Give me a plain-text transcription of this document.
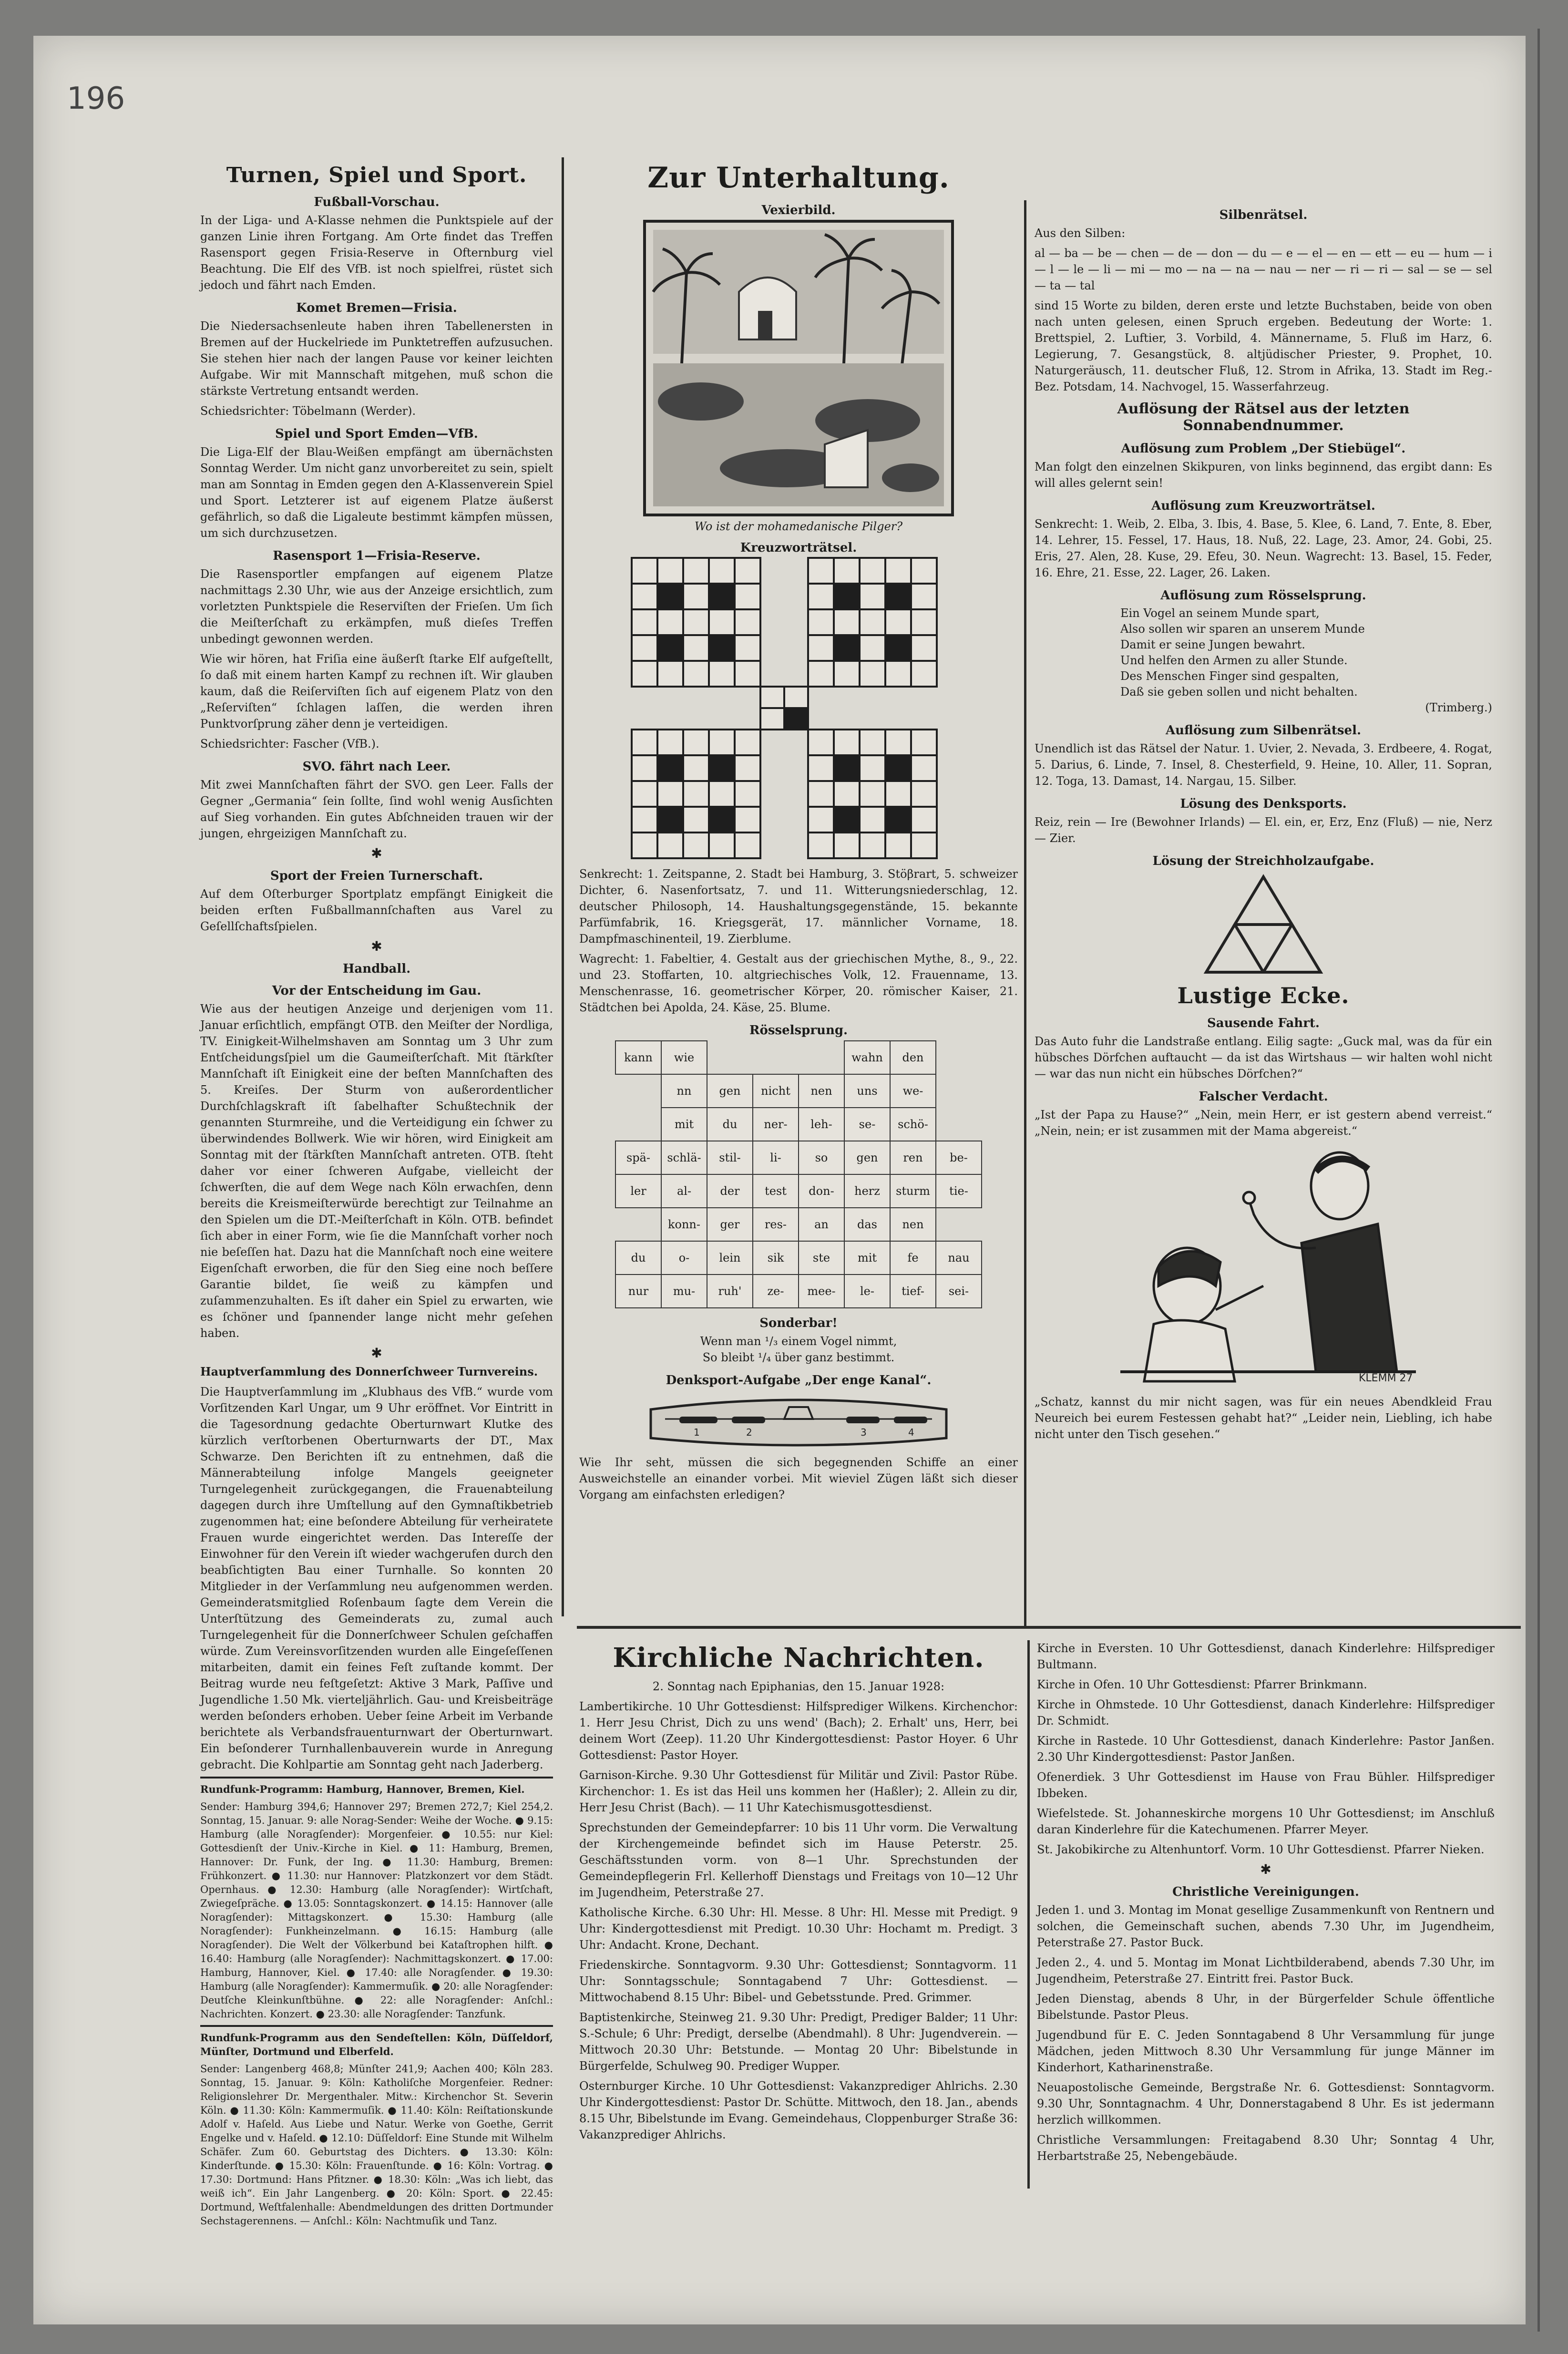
196
Turnen, Spiel und Sport.
Fußball-Vorschau.

In der Liga- und A-Klasse nehmen die Punktspiele auf der ganzen Linie ihren Fortgang. Am Orte findet das Treffen Rasensport gegen Frisia-Reserve in Ofternburg viel Beachtung. Die Elf des VfB. ist noch spielfrei, rüstet sich jedoch und fährt nach Emden.

Komet Bremen—Frisia.

Die Niedersachsenleute haben ihren Tabellenersten in Bremen auf der Huckelriede im Punktetreffen aufzusuchen. Sie stehen hier nach der langen Pause vor keiner leichten Aufgabe. Wir mit Mannschaft mitgehen, muß schon die stärkste Vertretung entsandt werden.

Schiedsrichter: Töbelmann (Werder).

Spiel und Sport Emden—VfB.

Die Liga-Elf der Blau-Weißen empfängt am übernächsten Sonntag Werder. Um nicht ganz unvorbereitet zu sein, spielt man am Sonntag in Emden gegen den A-Klassenverein Spiel und Sport. Letzterer ist auf eigenem Platze äußerst gefährlich, so daß die Ligaleute bestimmt kämpfen müssen, um sich durchzusetzen.

Rasensport 1—Frisia-Reserve.

Die Rasensportler empfangen auf eigenem Platze nachmittags 2.30 Uhr, wie aus der Anzeige ersichtlich, zum vorletzten Punktspiele die Reserviſten der Frieſen. Um ſich die Meiſterſchaft zu erkämpfen, muß dieſes Treffen unbedingt gewonnen werden.

Wie wir hören, hat Friſia eine äußerſt ſtarke Elf aufgeſtellt, ſo daß mit einem harten Kampf zu rechnen iſt. Wir glauben kaum, daß die Reiſerviſten ſich auf eigenem Platz von den „Reſerviſten“ ſchlagen laſſen, die werden ihren Punktvorſprung zäher denn je verteidigen.

Schiedsrichter: Fascher (VfB.).

SVO. fährt nach Leer.

Mit zwei Mannſchaften fährt der SVO. gen Leer. Falls der Gegner „Germania“ ſein ſollte, ſind wohl wenig Ausſichten auf Sieg vorhanden. Ein gutes Abſchneiden trauen wir der jungen, ehrgeizigen Mannſchaft zu.

✱
Sport der Freien Turnerschaft.

Auf dem Oſterburger Sportplatz empfängt Einigkeit die beiden erſten Fußballmannſchaften aus Varel zu Geſellſchaftsſpielen.

✱
Handball.
Vor der Entscheidung im Gau.

Wie aus der heutigen Anzeige und derjenigen vom 11. Januar erſichtlich, empfängt OTB. den Meiſter der Nordliga, TV. Einigkeit-Wilhelmshaven am Sonntag um 3 Uhr zum Entſcheidungsſpiel um die Gaumeiſterſchaft. Mit ſtärkſter Mannſchaft iſt Einigkeit eine der beſten Mannſchaften des 5. Kreiſes. Der Sturm von außerordentlicher Durchſchlagskraft iſt ſabelhafter Schußtechnik der genannten Sturmreihe, und die Verteidigung ein ſchwer zu überwindendes Bollwerk. Wie wir hören, wird Einigkeit am Sonntag mit der ſtärkſten Mannſchaft antreten. OTB. ſteht daher vor einer ſchweren Aufgabe, vielleicht der ſchwerſten, die auf dem Wege nach Köln erwachſen, denn bereits die Kreismeiſterwürde berechtigt zur Teilnahme an den Spielen um die DT.-Meiſterſchaft in Köln. OTB. befindet ſich aber in einer Form, wie ſie die Mannſchaft vorher noch nie beſeſſen hat. Dazu hat die Mannſchaft noch eine weitere Eigenſchaft erworben, die für den Sieg eine noch beſſere Garantie bildet, ſie weiß zu kämpfen und zuſammenzuhalten. Es iſt daher ein Spiel zu erwarten, wie es ſchöner und ſpannender lange nicht mehr geſehen haben.

✱

Hauptverſammlung des Donnerſchweer Turnvereins.

Die Hauptverſammlung im „Klubhaus des VfB.“ wurde vom Vorſitzenden Karl Ungar, um 9 Uhr eröffnet. Vor Eintritt in die Tagesordnung gedachte Oberturnwart Klutke des kürzlich verſtorbenen Oberturnwarts der DT., Max Schwarze. Den Berichten iſt zu entnehmen, daß die Männerabteilung infolge Mangels geeigneter Turngelegenheit zurückgegangen, die Frauenabteilung dagegen durch ihre Umſtellung auf den Gymnaſtikbetrieb zugenommen hat; eine beſondere Abteilung für verheiratete Frauen wurde eingerichtet werden. Das Intereſſe der Einwohner für den Verein iſt wieder wachgerufen durch den beabſichtigten Bau einer Turnhalle. So konnten 20 Mitglieder in der Verſammlung neu aufgenommen werden. Gemeinderatsmitglied Roſenbaum ſagte dem Verein die Unterſtützung des Gemeinderats zu, zumal auch Turngelegenheit für die Donnerſchweer Schulen geſchaffen würde. Zum Vereinsvorſitzenden wurden alle Eingeſeſſenen mitarbeiten, damit ein feines Feſt zuſtande kommt. Der Beitrag wurde neu feſtgeſetzt: Aktive 3 Mark, Paſſive und Jugendliche 1.50 Mk. vierteljährlich. Gau- und Kreisbeiträge werden beſonders erhoben. Ueber ſeine Arbeit im Verbande berichtete als Verbandsfrauenturnwart der Oberturnwart. Ein beſonderer Turnhallenbauverein wurde in Anregung gebracht. Die Kohlpartie am Sonntag geht nach Jaderberg.

Rundfunk-Programm: Hamburg, Hannover, Bremen, Kiel.

Sender: Hamburg 394,6; Hannover 297; Bremen 272,7; Kiel 254,2. Sonntag, 15. Januar. 9: alle Norag-Sender: Weihe der Woche. ● 9.15: Hamburg (alle Noragſender): Morgenfeier. ● 10.55: nur Kiel: Gottesdienſt der Univ.-Kirche in Kiel. ● 11: Hamburg, Bremen, Hannover: Dr. Funk, der Ing. ● 11.30: Hamburg, Bremen: Frühkonzert. ● 11.30: nur Hannover: Platzkonzert vor dem Städt. Opernhaus. ● 12.30: Hamburg (alle Noragſender): Wirtſchaft, Zwiegeſpräche. ● 13.05: Sonntagskonzert. ● 14.15: Hannover (alle Noragſender): Mittagskonzert. ● 15.30: Hamburg (alle Noragſender): Funkheinzelmann. ● 16.15: Hamburg (alle Noragſender). Die Welt der Völkerbund bei Kataſtrophen hilft. ● 16.40: Hamburg (alle Noragſender): Nachmittagskonzert. ● 17.00: Hamburg, Hannover, Kiel. ● 17.40: alle Noragſender. ● 19.30: Hamburg (alle Noragſender): Kammermuſik. ● 20: alle Noragſender: Deutſche Kleinkunſtbühne. ● 22: alle Noragſender: Anſchl.: Nachrichten. Konzert. ● 23.30: alle Noragſender: Tanzfunk.

Rundfunk-Programm aus den Sendeſtellen: Köln, Düſſeldorf, Münſter, Dortmund und Elberfeld.

Sender: Langenberg 468,8; Münſter 241,9; Aachen 400; Köln 283. Sonntag, 15. Januar. 9: Köln: Katholiſche Morgenfeier. Redner: Religionslehrer Dr. Mergenthaler. Mitw.: Kirchenchor St. Severin Köln. ● 11.30: Köln: Kammermuſik. ● 11.40: Köln: Reiſtationskunde Adolf v. Haſeld. Aus Liebe und Natur. Werke von Goethe, Gerrit Engelke und v. Haſeld. ● 12.10: Düſſeldorf: Eine Stunde mit Wilhelm Schäfer. Zum 60. Geburtstag des Dichters. ● 13.30: Köln: Kinderſtunde. ● 15.30: Köln: Frauenſtunde. ● 16: Köln: Vortrag. ● 17.30: Dortmund: Hans Pfitzner. ● 18.30: Köln: „Was ich liebt, das weiß ich“. Ein Jahr Langenberg. ● 20: Köln: Sport. ● 22.45: Dortmund, Weſtfalenhalle: Abendmeldungen des dritten Dortmunder Sechstagerennens. — Anſchl.: Köln: Nachtmuſik und Tanz.

Zur Unterhaltung.
Vexierbild.
Wo ist der mohamedanische Pilger?
Kreuzworträtsel.

Senkrecht: 1. Zeitspanne, 2. Stadt bei Hamburg, 3. Stöβrart, 5. schweizer Dichter, 6. Nasenfortsatz, 7. und 11. Witterungsniederschlag, 12. deutscher Philosoph, 14. Haushaltungsgegenstände, 15. bekannte Parfümfabrik, 16. Kriegsgerät, 17. männlicher Vorname, 18. Dampfmaschinenteil, 19. Zierblume.

Wagrecht: 1. Fabeltier, 4. Gestalt aus der griechischen Mythe, 8., 9., 22. und 23. Stoffarten, 10. altgriechisches Volk, 12. Frauenname, 13. Menschenrasse, 16. geometrischer Körper, 20. römischer Kaiser, 21. Städtchen bei Apolda, 24. Käse, 25. Blume.

Rösselsprung.
kann	wie				wahn	den	
	nn	gen	nicht	nen	uns	we-	
	mit	du	ner-	leh-	se-	schö-	
spä-	schlä-	stil-	li-	so	gen	ren	be-
ler	al-	der	test	don-	herz	sturm	tie-
	konn-	ger	res-	an	das	nen	
du	o-	lein	sik	ste	mit	fe	nau
nur	mu-	ruh'	ze-	mee-	le-	tief-	sei-
Sonderbar!
Wenn man ¹/₃ einem Vogel nimmt,
So bleibt ¹/₄ über ganz bestimmt.
Denksport-Aufgabe „Der enge Kanal“.
1	2	3	4

Wie Ihr seht, müssen die sich begegnenden Schiffe an einer Ausweichstelle an einander vorbei. Mit wieviel Zügen läßt sich dieser Vorgang am einfachsten erledigen?

Silbenrätsel.

Aus den Silben:

al — ba — be — chen — de — don — du — e — el — en — ett — eu — hum — i — l — le — li — mi — mo — na — na — nau — ner — ri — ri — sal — se — sel — ta — tal

sind 15 Worte zu bilden, deren erste und letzte Buchstaben, beide von oben nach unten gelesen, einen Spruch ergeben. Bedeutung der Worte: 1. Brettspiel, 2. Luftier, 3. Vorbild, 4. Männername, 5. Fluß im Harz, 6. Legierung, 7. Gesangstück, 8. altjüdischer Priester, 9. Prophet, 10. Naturgeräusch, 11. deutscher Fluß, 12. Strom in Afrika, 13. Stadt im Reg.-Bez. Potsdam, 14. Nachvogel, 15. Wasserfahrzeug.

Auflösung der Rätsel aus der letzten Sonnabendnummer.
Auflösung zum Problem „Der Stiebügel“.

Man folgt den einzelnen Skikpuren, von links beginnend, das ergibt dann: Es will alles gelernt sein!

Auflösung zum Kreuzworträtsel.

Senkrecht: 1. Weib, 2. Elba, 3. Ibis, 4. Base, 5. Klee, 6. Land, 7. Ente, 8. Eber, 14. Lehrer, 15. Fessel, 17. Haus, 18. Nuß, 22. Lage, 23. Amor, 24. Gobi, 25. Eris, 27. Alen, 28. Kuse, 29. Efeu, 30. Neun. Wagrecht: 13. Basel, 15. Feder, 16. Ehre, 21. Esse, 22. Lager, 26. Laken.

Auflösung zum Rösselsprung.
Ein Vogel an seinem Munde spart,
Also sollen wir sparen an unserem Munde
Damit er seine Jungen bewahrt.
Und helfen den Armen zu aller Stunde.
Des Menschen Finger sind gespalten,
Daß sie geben sollen und nicht behalten.
(Trimberg.)
Auflösung zum Silbenrätsel.

Unendlich ist das Rätsel der Natur. 1. Uvier, 2. Nevada, 3. Erdbeere, 4. Rogat, 5. Darius, 6. Linde, 7. Insel, 8. Chesterfield, 9. Heine, 10. Aller, 11. Sopran, 12. Toga, 13. Damast, 14. Nargau, 15. Silber.

Lösung des Denksports.

Reiz, rein — Ire (Bewohner Irlands) — El. ein, er, Erz, Enz (Fluß) — nie, Nerz — Zier.

Lösung der Streichholzaufgabe.
Lustige Ecke.
Sausende Fahrt.

Das Auto fuhr die Landstraße entlang. Eilig sagte: „Guck mal, was da für ein hübsches Dörfchen auftaucht — da ist das Wirtshaus — wir halten wohl nicht — war das nun nicht ein hübsches Dörfchen?“

Falscher Verdacht.

„Ist der Papa zu Hause?“ „Nein, mein Herr, er ist gestern abend verreist.“ „Nein, nein; er ist zusammen mit der Mama abgereist.“

KLEMM 27

„Schatz, kannst du mir nicht sagen, was für ein neues Abendkleid Frau Neureich bei eurem Festessen gehabt hat?“ „Leider nein, Liebling, ich habe nicht unter den Tisch gesehen.“

Kirchliche Nachrichten.

2. Sonntag nach Epiphanias, den 15. Januar 1928:

Lambertikirche. 10 Uhr Gottesdienst: Hilfsprediger Wilkens. Kirchenchor: 1. Herr Jesu Christ, Dich zu uns wend' (Bach); 2. Erhalt' uns, Herr, bei deinem Wort (Zeep). 11.20 Uhr Kindergottesdienst: Pastor Hoyer. 6 Uhr Gottesdienst: Pastor Hoyer.

Garnison-Kirche. 9.30 Uhr Gottesdienst für Militär und Zivil: Pastor Rübe. Kirchenchor: 1. Es ist das Heil uns kommen her (Haßler); 2. Allein zu dir, Herr Jesu Christ (Bach). — 11 Uhr Katechismusgottesdienst.

Sprechstunden der Gemeindepfarrer: 10 bis 11 Uhr vorm. Die Verwaltung der Kirchengemeinde befindet sich im Hause Peterstr. 25. Geschäftsstunden vorm. von 8—1 Uhr. Sprechstunden der Gemeindepflegerin Frl. Kellerhoff Dienstags und Freitags von 10—12 Uhr im Jugendheim, Peterstraße 27.

Katholische Kirche. 6.30 Uhr: Hl. Messe. 8 Uhr: Hl. Messe mit Predigt. 9 Uhr: Kindergottesdienst mit Predigt. 10.30 Uhr: Hochamt m. Predigt. 3 Uhr: Andacht. Krone, Dechant.

Friedenskirche. Sonntagvorm. 9.30 Uhr: Gottesdienst; Sonntagvorm. 11 Uhr: Sonntagsschule; Sonntagabend 7 Uhr: Gottesdienst. — Mittwochabend 8.15 Uhr: Bibel- und Gebetsstunde. Pred. Grimmer.

Baptistenkirche, Steinweg 21. 9.30 Uhr: Predigt, Prediger Balder; 11 Uhr: S.-Schule; 6 Uhr: Predigt, derselbe (Abendmahl). 8 Uhr: Jugendverein. — Mittwoch 20.30 Uhr: Betstunde. — Montag 20 Uhr: Bibelstunde in Bürgerfelde, Schulweg 90. Prediger Wupper.

Osternburger Kirche. 10 Uhr Gottesdienst: Vakanzprediger Ahlrichs. 2.30 Uhr Kindergottesdienst: Pastor Dr. Schütte. Mittwoch, den 18. Jan., abends 8.15 Uhr, Bibelstunde im Evang. Gemeindehaus, Cloppenburger Straße 36: Vakanzprediger Ahlrichs.

Kirche in Eversten. 10 Uhr Gottesdienst, danach Kinderlehre: Hilfsprediger Bultmann.

Kirche in Ofen. 10 Uhr Gottesdienst: Pfarrer Brinkmann.

Kirche in Ohmstede. 10 Uhr Gottesdienst, danach Kinderlehre: Hilfsprediger Dr. Schmidt.

Kirche in Rastede. 10 Uhr Gottesdienst, danach Kinderlehre: Pastor Janßen. 2.30 Uhr Kindergottesdienst: Pastor Janßen.

Ofenerdiek. 3 Uhr Gottesdienst im Hause von Frau Bühler. Hilfsprediger Ibbeken.

Wiefelstede. St. Johanneskirche morgens 10 Uhr Gottesdienst; im Anschluß daran Kinderlehre für die Katechumenen. Pfarrer Meyer.

St. Jakobikirche zu Altenhuntorf. Vorm. 10 Uhr Gottesdienst. Pfarrer Nieken.

✱
Christliche Vereinigungen.

Jeden 1. und 3. Montag im Monat gesellige Zusammenkunft von Rentnern und solchen, die Gemeinschaft suchen, abends 7.30 Uhr, im Jugendheim, Peterstraße 27. Pastor Buck.

Jeden 2., 4. und 5. Montag im Monat Lichtbilderabend, abends 7.30 Uhr, im Jugendheim, Peterstraße 27. Eintritt frei. Pastor Buck.

Jeden Dienstag, abends 8 Uhr, in der Bürgerfelder Schule öffentliche Bibelstunde. Pastor Pleus.

Jugendbund für E. C. Jeden Sonntagabend 8 Uhr Versammlung für junge Mädchen, jeden Mittwoch 8.30 Uhr Versammlung für junge Männer im Kinderhort, Katharinenstraße.

Neuapostolische Gemeinde, Bergstraße Nr. 6. Gottesdienst: Sonntagvorm. 9.30 Uhr, Sonntagnachm. 4 Uhr, Donnerstagabend 8 Uhr. Es ist jedermann herzlich willkommen.

Christliche Versammlungen: Freitagabend 8.30 Uhr; Sonntag 4 Uhr, Herbartstraße 25, Nebengebäude.
